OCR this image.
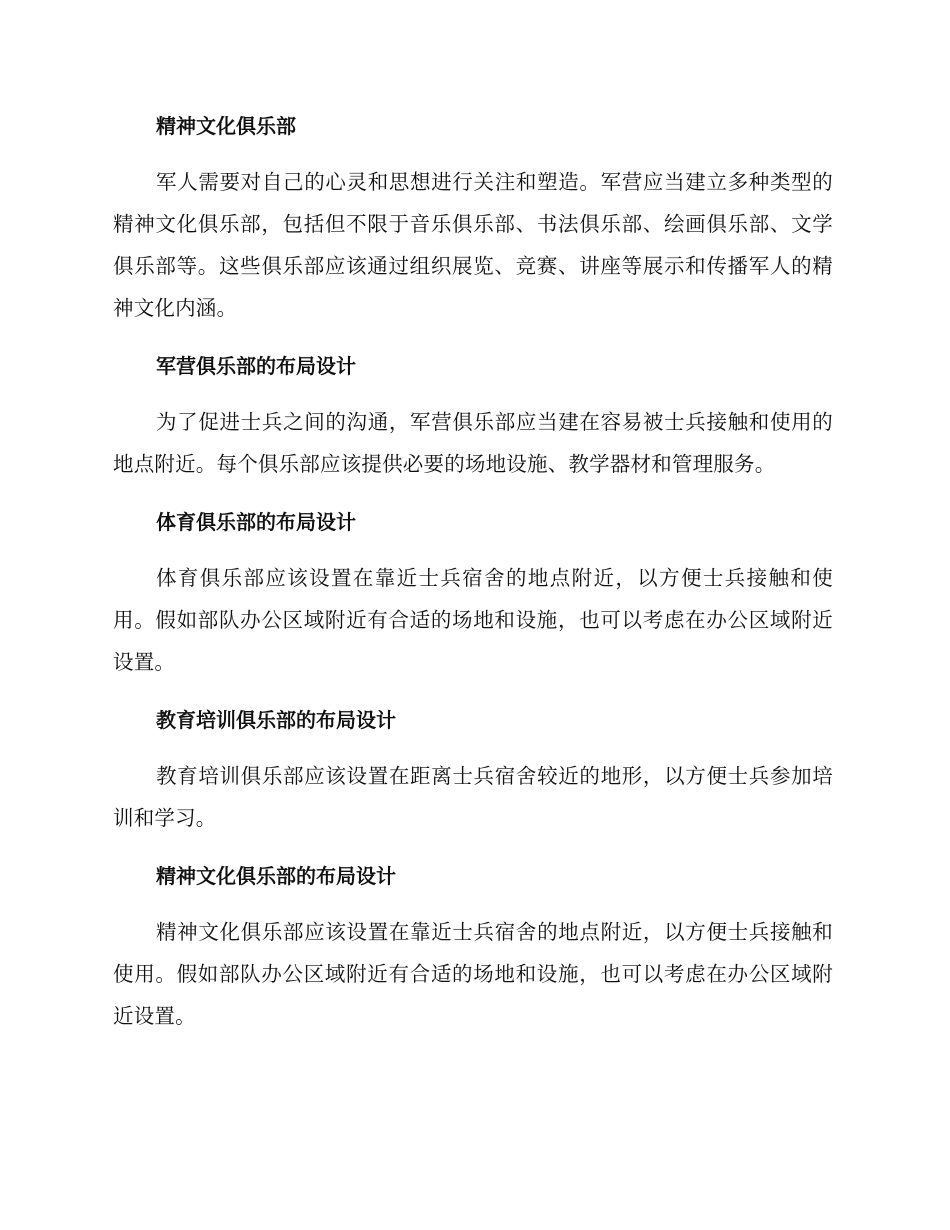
精神文化俱乐部

军人需要对自己的心灵和思想进行关注和塑造。军营应当建立多种类型的精神文化俱乐部，包括但不限于音乐俱乐部、书法俱乐部、绘画俱乐部、文学俱乐部等。这些俱乐部应该通过组织展览、竞赛、讲座等展示和传播军人的精神文化内涵。

军营俱乐部的布局设计

为了促进士兵之间的沟通，军营俱乐部应当建在容易被士兵接触和使用的地点附近。每个俱乐部应该提供必要的场地设施、教学器材和管理服务。

体育俱乐部的布局设计

体育俱乐部应该设置在靠近士兵宿舍的地点附近，以方便士兵接触和使用。假如部队办公区域附近有合适的场地和设施，也可以考虑在办公区域附近设置。

教育培训俱乐部的布局设计

教育培训俱乐部应该设置在距离士兵宿舍较近的地形，以方便士兵参加培训和学习。

精神文化俱乐部的布局设计

精神文化俱乐部应该设置在靠近士兵宿舍的地点附近，以方便士兵接触和使用。假如部队办公区域附近有合适的场地和设施，也可以考虑在办公区域附近设置。
